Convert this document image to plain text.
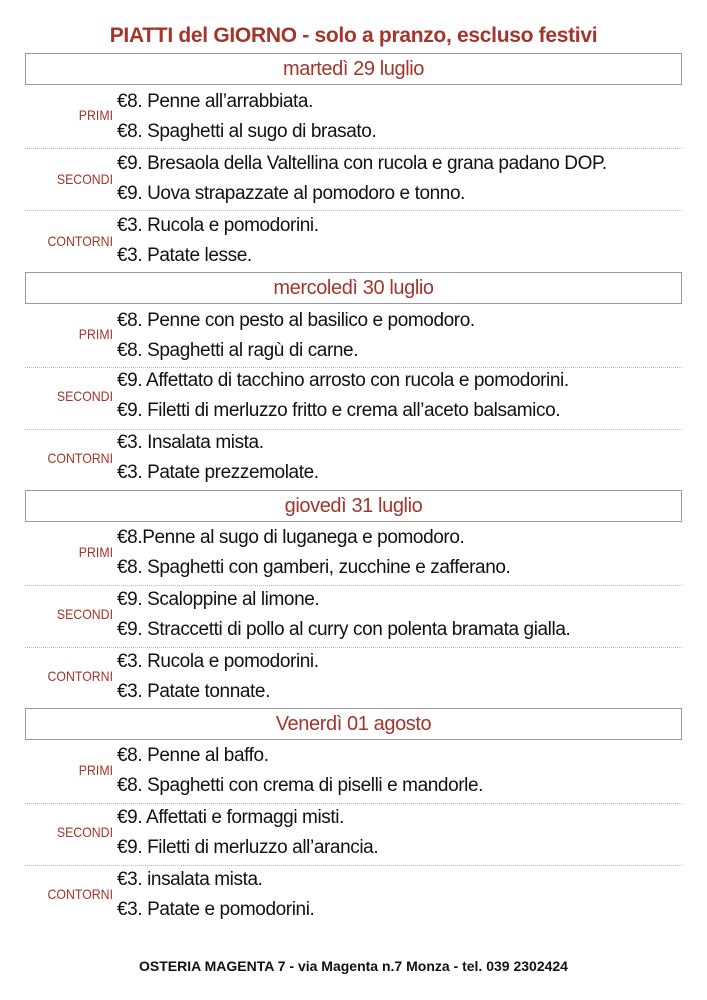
PIATTI del GIORNO - solo a pranzo, escluso festivi
martedì 29 luglio
PRIMI
€8. Penne all’arrabbiata.
€8. Spaghetti al sugo di brasato.
SECONDI
€9. Bresaola della Valtellina con rucola e grana padano DOP.
€9. Uova strapazzate al pomodoro e tonno.
CONTORNI
€3. Rucola e pomodorini.
€3. Patate lesse.
mercoledì 30 luglio
PRIMI
€8. Penne con pesto al basilico e pomodoro.
€8. Spaghetti al ragù di carne.
SECONDI
€9. Affettato di tacchino arrosto con rucola e pomodorini.
€9. Filetti di merluzzo fritto e crema all’aceto balsamico.
CONTORNI
€3. Insalata mista.
€3. Patate prezzemolate.
giovedì 31 luglio
PRIMI
€8.Penne al sugo di luganega e pomodoro.
€8. Spaghetti con gamberi, zucchine e zafferano.
SECONDI
€9. Scaloppine al limone.
€9. Straccetti di pollo al curry con polenta bramata gialla.
CONTORNI
€3. Rucola e pomodorini.
€3. Patate tonnate.
Venerdì 01 agosto
PRIMI
€8. Penne al baffo.
€8. Spaghetti con crema di piselli e mandorle.
SECONDI
€9. Affettati e formaggi misti.
€9. Filetti di merluzzo all’arancia.
CONTORNI
€3. insalata mista.
€3. Patate e pomodorini.
OSTERIA MAGENTA 7 - via Magenta n.7 Monza - tel. 039 2302424
